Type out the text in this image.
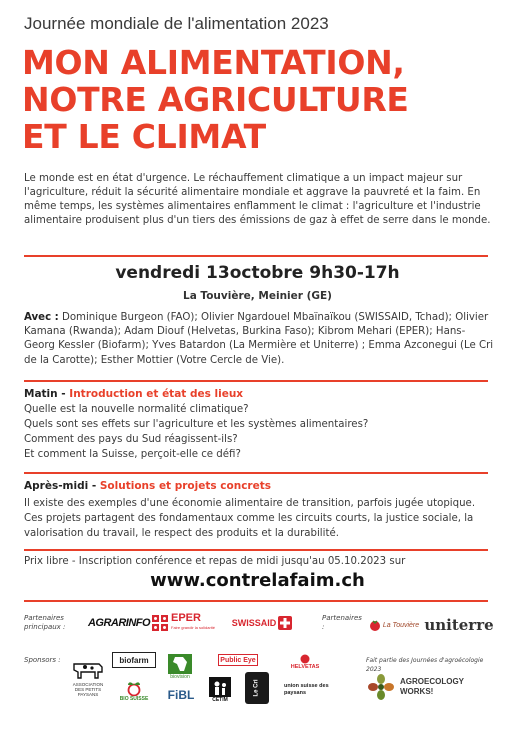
Journée mondiale de l'alimentation 2023
MON ALIMENTATION,
NOTRE AGRICULTURE
ET LE CLIMAT

Le monde est en état d'urgence. Le réchauffement climatique a un impact majeur sur l'agriculture, réduit la sécurité alimentaire mondiale et aggrave la pauvreté et la faim. En même temps, les systèmes alimentaires enflamment le climat : l'agriculture et l'industrie alimentaire produisent plus d'un tiers des émissions de gaz à effet de serre dans le monde.

vendredi 13octobre 9h30-17h
La Touvière, Meinier (GE)

Avec : Dominique Burgeon (FAO); Olivier Ngardouel Mbaïnaïkou (SWISSAID, Tchad); Olivier Kamana (Rwanda); Adam Diouf (Helvetas, Burkina Faso); Kibrom Mehari (EPER); Hans-Georg Kessler (Biofarm); Yves Batardon (La Mermière et Uniterre) ; Emma Azconegui (Le Cri de la Carotte); Esther Mottier (Votre Cercle de Vie).

Matin - Introduction et état des lieux
Quelle est la nouvelle normalité climatique?
Quels sont ses effets sur l'agriculture et les systèmes alimentaires?
Comment des pays du Sud réagissent-ils?
Et comment la Suisse, perçoit-elle ce défi?
Après-midi - Solutions et projets concrets

Il existe des exemples d'une économie alimentaire de transition, parfois jugée utopique. Ces projets partagent des fondamentaux comme les circuits courts, la justice sociale, la valorisation du travail, le respect des produits et la durabilité.

Prix libre - Inscription conférence et repas de midi jusqu'au 05.10.2023 sur
www.contrelafaim.ch
Partenaires principaux :	AGRARINFO EPER
Faire grandir la solidarité SWISSAID	Partenaires :	La Touvière uniterre
Sponsors :
ASSOCIATION DES PETITS PAYSANS
biofarm
BIO SUISSE
biovision
FiBL
Public Eye
CETIM
Le Cri
HELVETAS
union suisse des paysans
Fait partie des Journées d'agroécologie 2023
AGROECOLOGY WORKS!
